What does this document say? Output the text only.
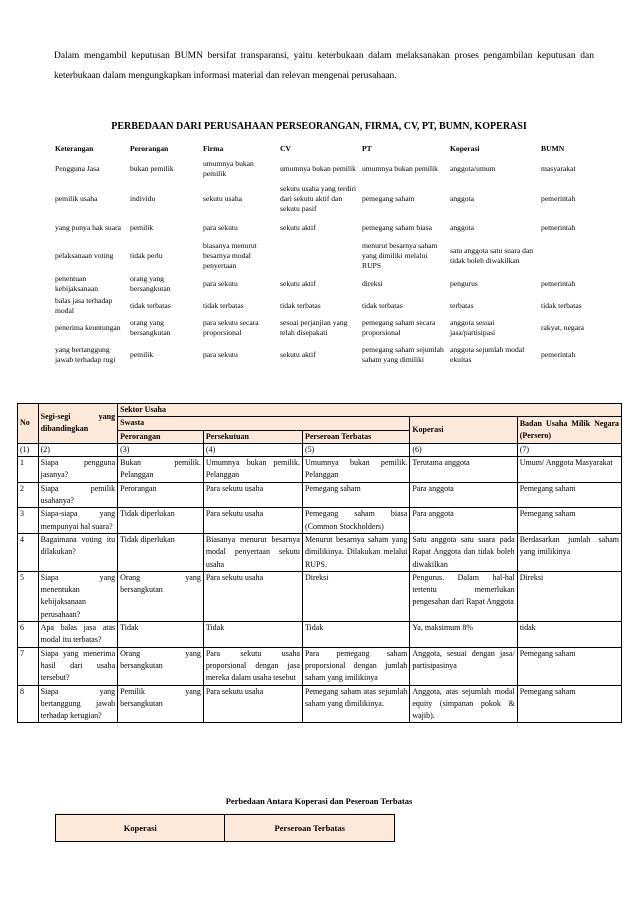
Dalam mengambil keputusan BUMN bersifat transparansi, yaitu keterbukaan dalam melaksanakan proses pengambilan keputusan dan keterbukaan dalam mengungkapkan informasi material dan relevan mengenai perusahaan.
PERBEDAAN DARI PERUSAHAAN PERSEORANGAN, FIRMA, CV, PT, BUMN, KOPERASI
Keterangan	Perorangan	Firma	CV	PT	Koperasi	BUMN
Pengguna Jasa	bukan pemilik	umumnya bukan pemilik	umumnya bukan pemilik	umumnya bukan pemilik	anggota/umum	masyarakat
pemilik usaha	individu	sekutu usaha	sekutu usaha yang terdiri dari sekutu aktif dan sekutu pasif	pemegang saham	anggota	pemerintah
yang punya hak suara	pemilik	para sekutu	sekutu aktif	pemegang saham biasa	anggota	pemerintah
pelaksanaan voting	tidak perlu	biasanya menurut besarnya modal penyertaan		menurut besarnya saham yang dimiliki melalui RUPS	satu anggota satu suara dan tidak boleh diwakilkan	
penentuan kebijaksanaan	orang yang bersangkutan	para sekutu	sekutu aktif	direksi	pengurus	pemerintah
balas jasa terhadap modal	tidak terbatas	tidak terbatas	tidak terbatas	tidak terbatas	terbatas	tidak terbatas
penerima keuntungan	orang yang bersangkutan	para sekutu secara proporsional	sesuai perjanjian yang telah disepakati	pemegang saham secara proporsional	anggota sesuai jasa/partisipasi	rakyat, negara
yang bertanggung jawab terhadap rugi	pemilik	para sekutu	sekutu aktif	pemegang saham sejumlah saham yang dimiliki	anggota sejumlah modal ekuitas	pemerintah
No	Segi-segi yang dibandingkan	Sektor Usaha				
		Swasta			Koperasi	Badan Usaha Milik Negara (Persero)
		Perorangan	Persekutuan	Perseroan Terbatas		
(1)	(2)	(3)	(4)	(5)	(6)	(7)
1	Siapa pengguna jasanya?	Bukan pemilik. Pelanggan	Umumnya bukan pemilik. Pelanggan	Umumnya bukan pemilik. Pelanggan	Terutama anggota	Umum/ Anggota Masyarakat
2	Siapa pemilik usahanya?	Perorangan	Para sekutu usaha	Pemegang saham	Para anggota	Pemegang saham
3	Siapa-siapa yang mempunyai hal suara?	Tidak diperlukan	Para sekutu usaha	Pemegang saham biasa (Common Stockholders)	Para anggota	Pemegang saham
4	Bagaimana voting itu dilakukan?	Tidak diperlukan	Biasanya menurut besarnya modal penyertaan sekutu usaha	Menurut besarnya saham yang dimilikinya. Dilakukan melalui RUPS.	Satu anggota satu suara pada Rapat Anggota dan tidak boleh diwakilkan	Berdasarkan jumlah saham yang imilikinya
5	Siapa yang menentukan kebijaksanaan perusahaan?	Orang yang bersangkutan	Para sekutu usaha	Direksi	Pengurus. Dalam hal-hal tertentu memerlukan pengesahan dari Rapat Anggota	Direksi
6	Apa balas jasa atas modal itu terbatas?	Tidak	Tidak	Tidak	Ya, maksimum 8%	tidak
7	Siapa yang menerima hasil dari usaha tersebut?	Orang yang bersangkutan	Para sekutu usaha proporsional dengan jasa mereka dalam usaha tesebut	Para pemegang saham proporsional dengan jumlah saham yang imilikinya	Anggota, sesuai dengan jasa/ partisipasinya	Pemegang saham
8	Siapa yang bertanggung jawab terhadap kerugian?	Pemilik yang bersangkutan	Para sekutu usaha	Pemegang saham atas sejumlah saham yang dimilikinya.	Anggota, atas sejumlah modal equity (simpanan pokok & wajib).	Pemegang saham
Perbedaan Antara Koperasi dan Peseroan Terbatas
Koperasi	Perseroan Terbatas
